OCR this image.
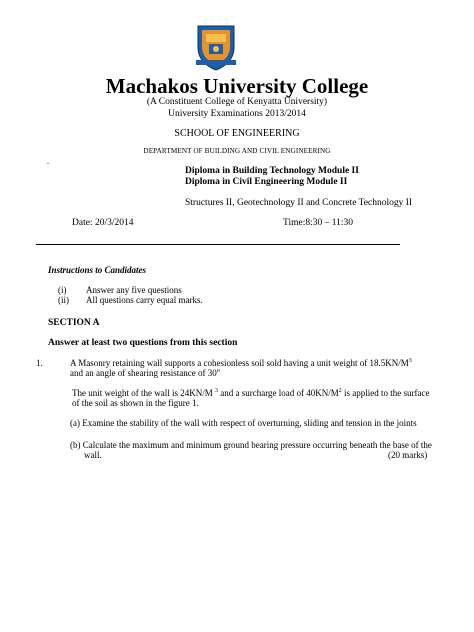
Machakos University College
(A Constituent College of Kenyatta University)
University Examinations 2013/2014
SCHOOL OF ENGINEERING
DEPARTMENT OF BUILDING AND CIVIL ENGINEERING
.
Diploma in Building Technology Module II
Diploma in Civil Engineering Module II
Structures II, Geotechnology II and Concrete Technology II
Date: 20/3/2014	Time:8:30 – 11:30
Instructions to Candidates
(i) Answer any five questions
(ii) All questions carry equal marks.
SECTION A
Answer at least two questions from this section
1.	A Masonry retaining wall supports a cohesionless soil sold having a unit weight of $18.5KN/M^3$
and an angle of shearing resistance of 30$^o$
The unit weight of the wall is 24KN/M $^3$ and a surcharge load of $40KN/M^2$ is applied to the surface
of the soil as shown in the figure 1.
(a) Examine the stability of the wall with respect of overturning, sliding and tension in the joints
(b) Calculate the maximum and minimum ground bearing pressure occurring beneath the base of the
wall.	(20 marks)
